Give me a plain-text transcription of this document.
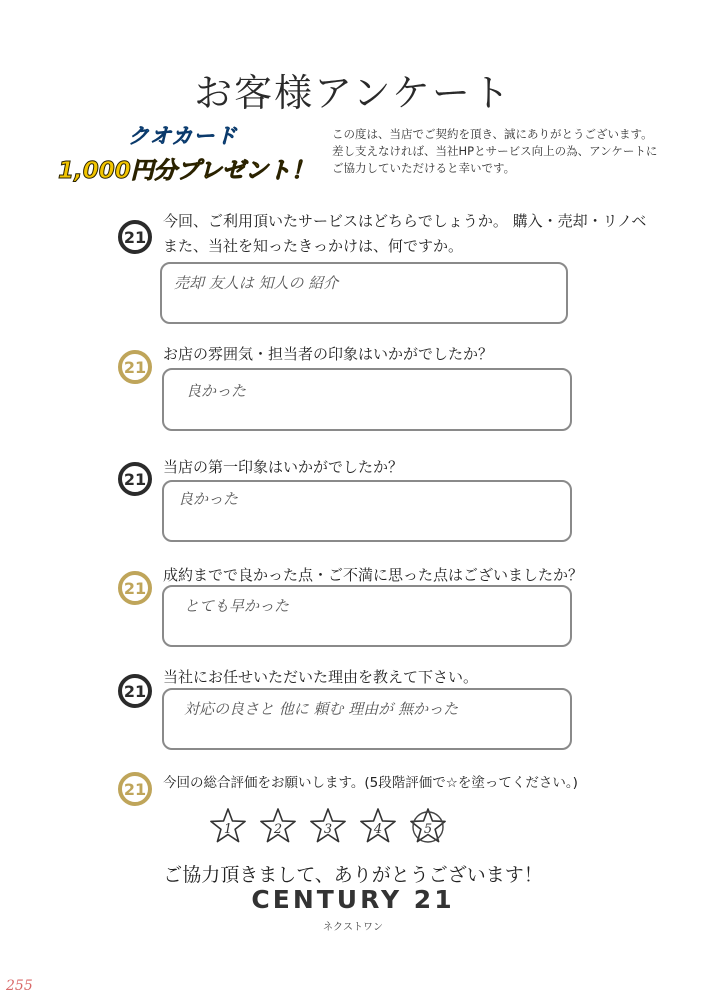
お客様アンケート
クオカード
1,000円分プレゼント！
この度は、当店でご契約を頂き、誠にありがとうございます。
差し支えなければ、当社HPとサービス向上の為、アンケートに
ご協力していただけると幸いです。
21
今回、ご利用頂いたサービスはどちらでしょうか。 購入・売却・リノベ
また、当社を知ったきっかけは、何ですか。
売却 友人は 知人の 紹介
21
お店の雰囲気・担当者の印象はいかがでしたか？
良かった
21
当店の第一印象はいかがでしたか？
良かった
21
成約までで良かった点・ご不満に思った点はございましたか？
とても早かった
21
当社にお任せいただいた理由を教えて下さい。
対応の良さと 他に 頼む 理由が 無かった
21	今回の総合評価をお願いします。(5段階評価で☆を塗ってください。)
1	2	3	4	5
ご協力頂きまして、ありがとうございます！
CENTURY 21
ネクストワン
255
